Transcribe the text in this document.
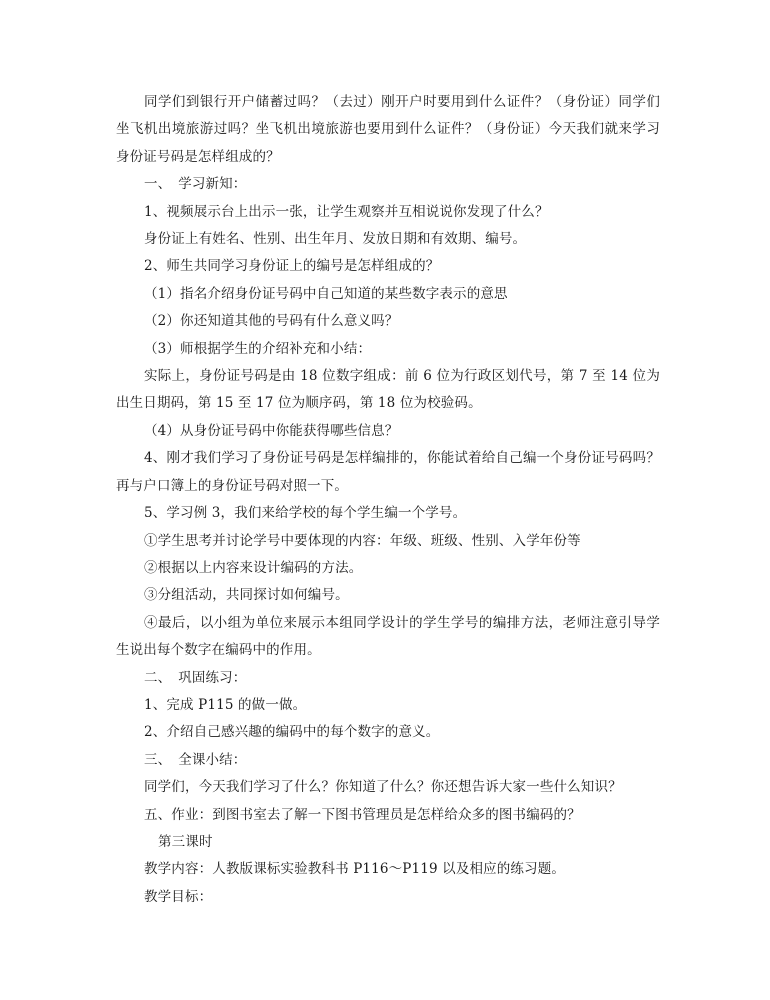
同学们到银行开户储蓄过吗？（去过）刚开户时要用到什么证件？（身份证）同学们坐飞机出境旅游过吗？坐飞机出境旅游也要用到什么证件？（身份证）今天我们就来学习身份证号码是怎样组成的？

一、　学习新知：

1、视频展示台上出示一张，让学生观察并互相说说你发现了什么？

身份证上有姓名、性别、出生年月、发放日期和有效期、编号。

2、师生共同学习身份证上的编号是怎样组成的？

（1）指名介绍身份证号码中自己知道的某些数字表示的意思

（2）你还知道其他的号码有什么意义吗？

（3）师根据学生的介绍补充和小结：

实际上，身份证号码是由 18 位数字组成：前 6 位为行政区划代号，第 7 至 14 位为出生日期码，第 15 至 17 位为顺序码，第 18 位为校验码。

（4）从身份证号码中你能获得哪些信息？

4、刚才我们学习了身份证号码是怎样编排的，你能试着给自己编一个身份证号码吗？再与户口簿上的身份证号码对照一下。

5、学习例 3，我们来给学校的每个学生编一个学号。

①学生思考并讨论学号中要体现的内容：年级、班级、性别、入学年份等

②根据以上内容来设计编码的方法。

③分组活动，共同探讨如何编号。

④最后，以小组为单位来展示本组同学设计的学生学号的编排方法，老师注意引导学生说出每个数字在编码中的作用。

二、　巩固练习：

1、完成 P115 的做一做。

2、介绍自己感兴趣的编码中的每个数字的意义。

三、　全课小结：

同学们，今天我们学习了什么？你知道了什么？你还想告诉大家一些什么知识？

五、作业：到图书室去了解一下图书管理员是怎样给众多的图书编码的？

第三课时

教学内容：人教版课标实验教科书 P116～P119 以及相应的练习题。

教学目标：
